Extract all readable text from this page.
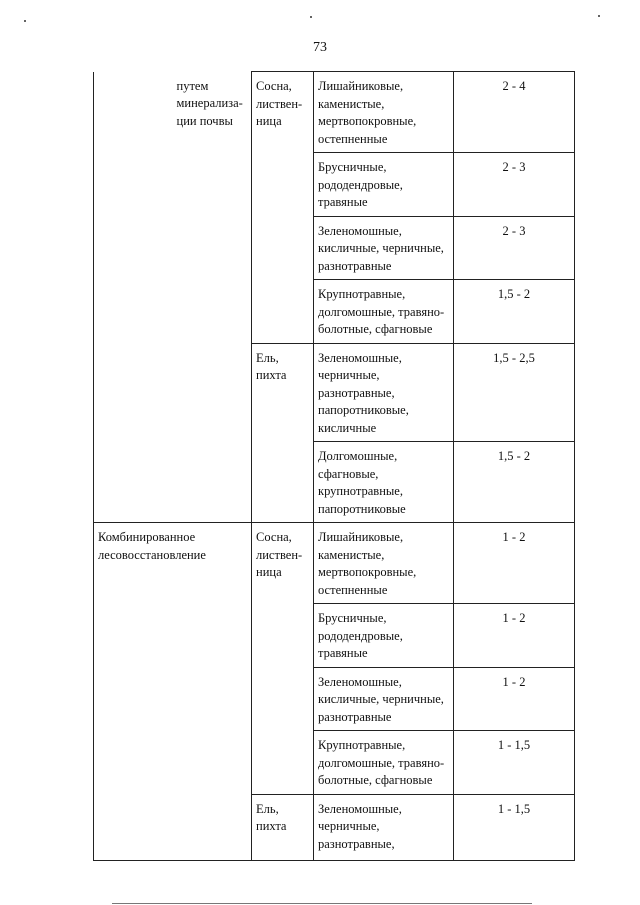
73
	путем минерализа-ции почвы	Сосна, листвен-ница	Лишайниковые, каменистые, мертвопокровные, остепненные	2 - 4
			Брусничные, рододендровые, травяные	2 - 3
			Зеленомошные, кисличные, черничные, разнотравные	2 - 3
			Крупнотравные, долгомошные, травяно-болотные, сфагновые	1,5 - 2
		Ель, пихта	Зеленомошные, черничные, разнотравные, папоротниковые, кисличные	1,5 - 2,5
			Долгомошные, сфагновые, крупнотравные, папоротниковые	1,5 - 2
Комбинированное лесовосстановление		Сосна, листвен-ница	Лишайниковые, каменистые, мертвопокровные, остепненные	1 - 2
			Брусничные, рододендровые, травяные	1 - 2
			Зеленомошные, кисличные, черничные, разнотравные	1 - 2
			Крупнотравные, долгомошные, травяно-болотные, сфагновые	1 - 1,5
		Ель, пихта	Зеленомошные, черничные, разнотравные,	1 - 1,5
